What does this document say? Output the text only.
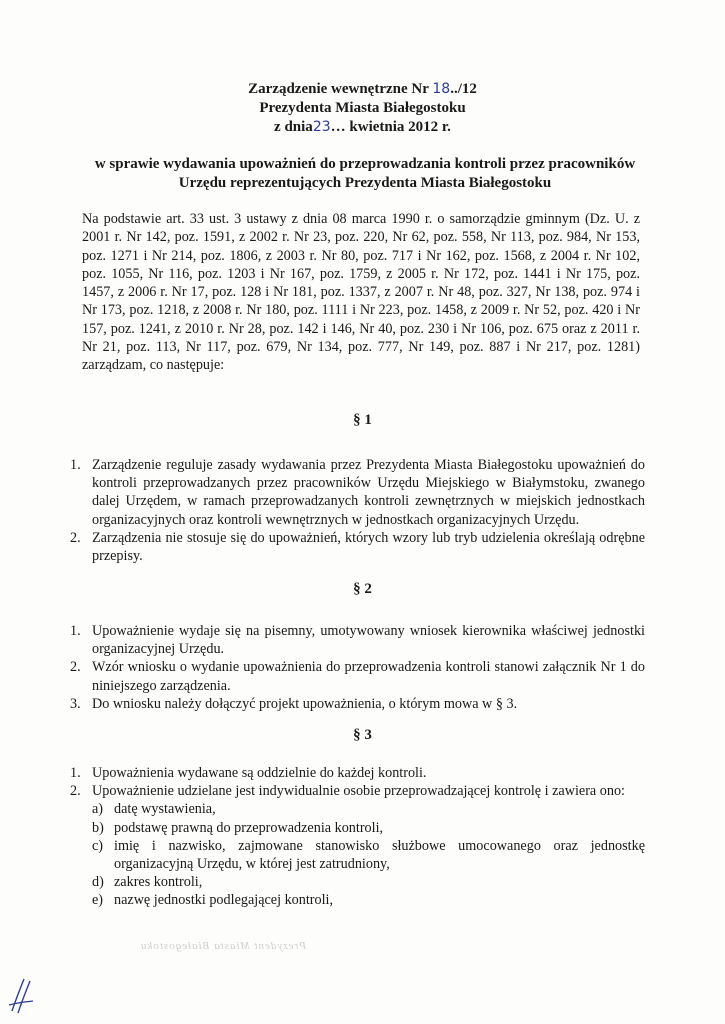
Zarządzenie wewnętrzne Nr 18../12
Prezydenta Miasta Białegostoku
z dnia23… kwietnia 2012 r.
w sprawie wydawania upoważnień do przeprowadzania kontroli przez pracowników Urzędu reprezentujących Prezydenta Miasta Białegostoku
Na podstawie art. 33 ust. 3 ustawy z dnia 08 marca 1990 r. o samorządzie gminnym (Dz. U. z 2001 r. Nr 142, poz. 1591, z 2002 r. Nr 23, poz. 220, Nr 62, poz. 558, Nr 113, poz. 984, Nr 153, poz. 1271 i Nr 214, poz. 1806, z 2003 r. Nr 80, poz. 717 i Nr 162, poz. 1568, z 2004 r. Nr 102, poz. 1055, Nr 116, poz. 1203 i Nr 167, poz. 1759, z 2005 r. Nr 172, poz. 1441 i Nr 175, poz. 1457, z 2006 r. Nr 17, poz. 128 i Nr 181, poz. 1337, z 2007 r. Nr 48, poz. 327, Nr 138, poz. 974 i Nr 173, poz. 1218, z 2008 r. Nr 180, poz. 1111 i Nr 223, poz. 1458, z 2009 r. Nr 52, poz. 420 i Nr 157, poz. 1241, z 2010 r. Nr 28, poz. 142 i 146, Nr 40, poz. 230 i Nr 106, poz. 675 oraz z 2011 r. Nr 21, poz. 113, Nr 117, poz. 679, Nr 134, poz. 777, Nr 149, poz. 887 i Nr 217, poz. 1281) zarządzam, co następuje:
§ 1
1. Zarządzenie reguluje zasady wydawania przez Prezydenta Miasta Białegostoku upoważnień do kontroli przeprowadzanych przez pracowników Urzędu Miejskiego w Białymstoku, zwanego dalej Urzędem, w ramach przeprowadzanych kontroli zewnętrznych w miejskich jednostkach organizacyjnych oraz kontroli wewnętrznych w jednostkach organizacyjnych Urzędu.
2. Zarządzenia nie stosuje się do upoważnień, których wzory lub tryb udzielenia określają odrębne przepisy.
§ 2
1. Upoważnienie wydaje się na pisemny, umotywowany wniosek kierownika właściwej jednostki organizacyjnej Urzędu.
2. Wzór wniosku o wydanie upoważnienia do przeprowadzenia kontroli stanowi załącznik Nr 1 do niniejszego zarządzenia.
3. Do wniosku należy dołączyć projekt upoważnienia, o którym mowa w § 3.
§ 3
1. Upoważnienia wydawane są oddzielnie do każdej kontroli.
2. Upoważnienie udzielane jest indywidualnie osobie przeprowadzającej kontrolę i zawiera ono:
a) datę wystawienia,
b) podstawę prawną do przeprowadzenia kontroli,
c) imię i nazwisko, zajmowane stanowisko służbowe umocowanego oraz jednostkę organizacyjną Urzędu, w której jest zatrudniony,
d) zakres kontroli,
e) nazwę jednostki podlegającej kontroli,
Prezydent Miasta Białegostoku
